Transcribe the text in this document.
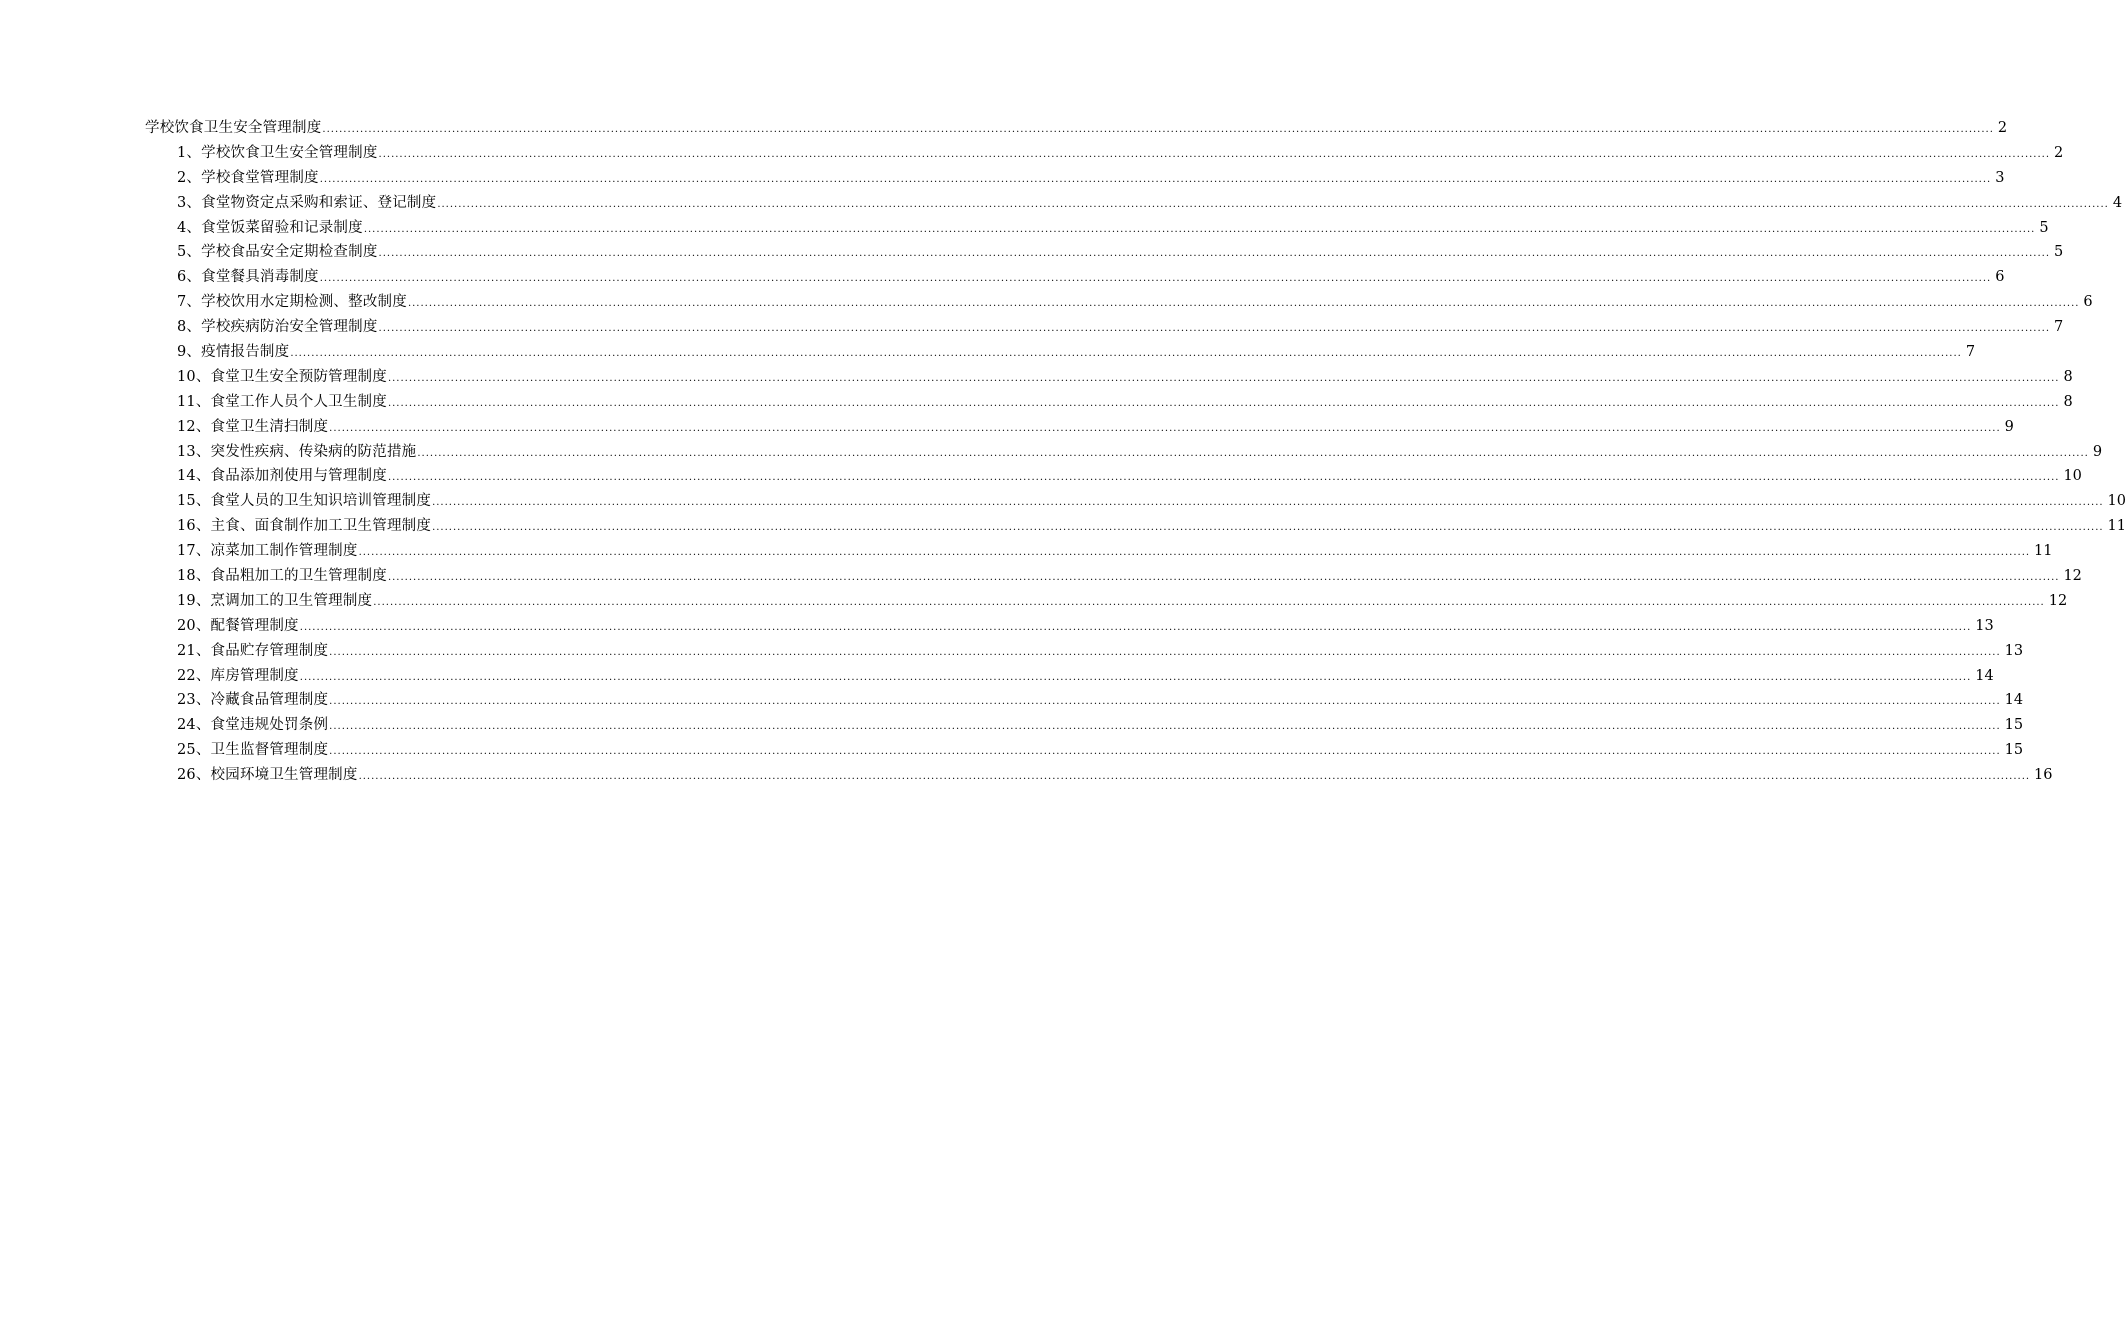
学校饮食卫生安全管理制度 ................................................................................................................................................................................................................................................................................................................................................................................................................ 2
1、学校饮食卫生安全管理制度 ................................................................................................................................................................................................................................................................................................................................................................................................................ 2
2、学校食堂管理制度 ................................................................................................................................................................................................................................................................................................................................................................................................................ 3
3、食堂物资定点采购和索证、登记制度 ................................................................................................................................................................................................................................................................................................................................................................................................................ 4
4、食堂饭菜留验和记录制度 ................................................................................................................................................................................................................................................................................................................................................................................................................ 5
5、学校食品安全定期检查制度 ................................................................................................................................................................................................................................................................................................................................................................................................................ 5
6、食堂餐具消毒制度 ................................................................................................................................................................................................................................................................................................................................................................................................................ 6
7、学校饮用水定期检测、整改制度 ................................................................................................................................................................................................................................................................................................................................................................................................................ 6
8、学校疾病防治安全管理制度 ................................................................................................................................................................................................................................................................................................................................................................................................................ 7
9、疫情报告制度 ................................................................................................................................................................................................................................................................................................................................................................................................................ 7
10、食堂卫生安全预防管理制度 ................................................................................................................................................................................................................................................................................................................................................................................................................ 8
11、食堂工作人员个人卫生制度 ................................................................................................................................................................................................................................................................................................................................................................................................................ 8
12、食堂卫生清扫制度 ................................................................................................................................................................................................................................................................................................................................................................................................................ 9
13、突发性疾病、传染病的防范措施 ................................................................................................................................................................................................................................................................................................................................................................................................................ 9
14、食品添加剂使用与管理制度 ................................................................................................................................................................................................................................................................................................................................................................................................................ 10
15、食堂人员的卫生知识培训管理制度 ................................................................................................................................................................................................................................................................................................................................................................................................................ 10
16、主食、面食制作加工卫生管理制度 ................................................................................................................................................................................................................................................................................................................................................................................................................ 11
17、凉菜加工制作管理制度 ................................................................................................................................................................................................................................................................................................................................................................................................................ 11
18、食品粗加工的卫生管理制度 ................................................................................................................................................................................................................................................................................................................................................................................................................ 12
19、烹调加工的卫生管理制度 ................................................................................................................................................................................................................................................................................................................................................................................................................ 12
20、配餐管理制度 ................................................................................................................................................................................................................................................................................................................................................................................................................ 13
21、食品贮存管理制度 ................................................................................................................................................................................................................................................................................................................................................................................................................ 13
22、库房管理制度 ................................................................................................................................................................................................................................................................................................................................................................................................................ 14
23、冷藏食品管理制度 ................................................................................................................................................................................................................................................................................................................................................................................................................ 14
24、食堂违规处罚条例 ................................................................................................................................................................................................................................................................................................................................................................................................................ 15
25、卫生监督管理制度 ................................................................................................................................................................................................................................................................................................................................................................................................................ 15
26、校园环境卫生管理制度 ................................................................................................................................................................................................................................................................................................................................................................................................................ 16
